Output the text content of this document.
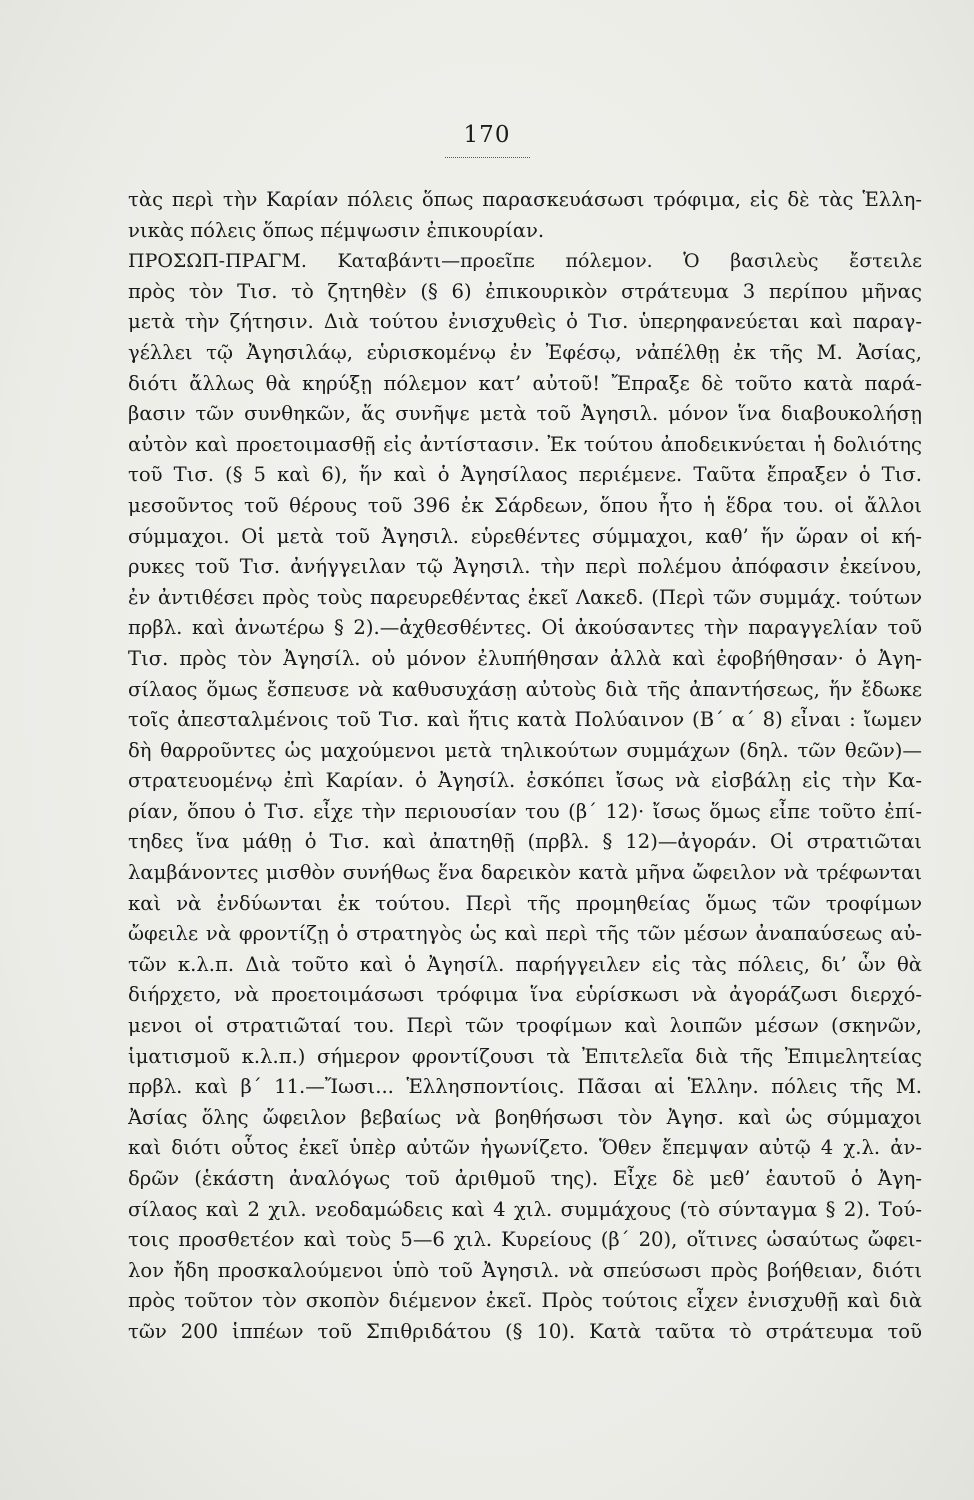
170
τὰς περὶ τὴν Καρίαν πόλεις ὅπως παρασκευάσωσι τρόφιμα, εἰς δὲ τὰς Ἑλλη-
νικὰς πόλεις ὅπως πέμψωσιν ἐπικουρίαν.
ΠΡΟΣΩΠ-ΠΡΑΓΜ. Καταβάντι—προεῖπε πόλεμον. Ὁ βασιλεὺς ἔστειλε
πρὸς τὸν Τισ. τὸ ζητηθὲν (§ 6) ἐπικουρικὸν στράτευμα 3 περίπου μῆνας
μετὰ τὴν ζήτησιν. Διὰ τούτου ἐνισχυθεὶς ὁ Τισ. ὑπερηφανεύεται καὶ παραγ-
γέλλει τῷ Ἀγησιλάῳ, εὑρισκομένῳ ἐν Ἐφέσῳ, νἀπέλθῃ ἐκ τῆς Μ. Ἀσίας,
διότι ἄλλως θὰ κηρύξῃ πόλεμον κατ’ αὐτοῦ! Ἔπραξε δὲ τοῦτο κατὰ παρά-
βασιν τῶν συνθηκῶν, ἅς συνῆψε μετὰ τοῦ Ἀγησιλ. μόνον ἵνα διαβουκολήσῃ
αὐτὸν καὶ προετοιμασθῇ εἰς ἀντίστασιν. Ἐκ τούτου ἀποδεικνύεται ἡ δολιότης
τοῦ Τισ. (§ 5 καὶ 6), ἥν καὶ ὁ Ἀγησίλαος περιέμενε. Ταῦτα ἔπραξεν ὁ Τισ.
μεσοῦντος τοῦ θέρους τοῦ 396 ἐκ Σάρδεων, ὅπου ἦτο ἡ ἕδρα του. οἱ ἄλλοι
σύμμαχοι. Οἱ μετὰ τοῦ Ἀγησιλ. εὑρεθέντες σύμμαχοι, καθ’ ἥν ὥραν οἱ κή-
ρυκες τοῦ Τισ. ἀνήγγειλαν τῷ Ἀγησιλ. τὴν περὶ πολέμου ἀπόφασιν ἐκείνου,
ἐν ἀντιθέσει πρὸς τοὺς παρευρεθέντας ἐκεῖ Λακεδ. (Περὶ τῶν συμμάχ. τούτων
πρβλ. καὶ ἀνωτέρω § 2).—ἀχθεσθέντες. Οἱ ἀκούσαντες τὴν παραγγελίαν τοῦ
Τισ. πρὸς τὸν Ἀγησίλ. οὐ μόνον ἐλυπήθησαν ἀλλὰ καὶ ἐφοβήθησαν· ὁ Ἀγη-
σίλαος ὅμως ἔσπευσε νὰ καθυσυχάσῃ αὐτοὺς διὰ τῆς ἀπαντήσεως, ἥν ἔδωκε
τοῖς ἀπεσταλμένοις τοῦ Τισ. καὶ ἥτις κατὰ Πολύαινον (Β΄ α΄ 8) εἶναι : ἴωμεν
δὴ θαρροῦντες ὡς μαχούμενοι μετὰ τηλικούτων συμμάχων (δηλ. τῶν θεῶν)—
στρατευομένῳ ἐπὶ Καρίαν. ὁ Ἀγησίλ. ἐσκόπει ἴσως νὰ εἰσβάλῃ εἰς τὴν Κα-
ρίαν, ὅπου ὁ Τισ. εἶχε τὴν περιουσίαν του (β΄ 12)· ἴσως ὅμως εἶπε τοῦτο ἐπί-
τηδες ἵνα μάθῃ ὁ Τισ. καὶ ἀπατηθῇ (πρβλ. § 12)—ἀγοράν. Οἱ στρατιῶται
λαμβάνοντες μισθὸν συνήθως ἕνα δαρεικὸν κατὰ μῆνα ὤφειλον νὰ τρέφωνται
καὶ νὰ ἐνδύωνται ἐκ τούτου. Περὶ τῆς προμηθείας ὅμως τῶν τροφίμων
ὤφειλε νὰ φροντίζῃ ὁ στρατηγὸς ὡς καὶ περὶ τῆς τῶν μέσων ἀναπαύσεως αὐ-
τῶν κ.λ.π. Διὰ τοῦτο καὶ ὁ Ἀγησίλ. παρήγγειλεν εἰς τὰς πόλεις, δι’ ὧν θὰ
διήρχετο, νὰ προετοιμάσωσι τρόφιμα ἵνα εὑρίσκωσι νὰ ἀγοράζωσι διερχό-
μενοι οἱ στρατιῶταί του. Περὶ τῶν τροφίμων καὶ λοιπῶν μέσων (σκηνῶν,
ἱματισμοῦ κ.λ.π.) σήμερον φροντίζουσι τὰ Ἐπιτελεῖα διὰ τῆς Ἐπιμελητείας
πρβλ. καὶ β΄ 11.—Ἴωσι... Ἑλλησποντίοις. Πᾶσαι αἱ Ἑλλην. πόλεις τῆς Μ.
Ἀσίας ὅλης ὤφειλον βεβαίως νὰ βοηθήσωσι τὸν Ἀγησ. καὶ ὡς σύμμαχοι
καὶ διότι οὗτος ἐκεῖ ὑπὲρ αὐτῶν ἠγωνίζετο. Ὅθεν ἔπεμψαν αὐτῷ 4 χ.λ. ἀν-
δρῶν (ἑκάστη ἀναλόγως τοῦ ἀριθμοῦ της). Εἶχε δὲ μεθ’ ἑαυτοῦ ὁ Ἀγη-
σίλαος καὶ 2 χιλ. νεοδαμώδεις καὶ 4 χιλ. συμμάχους (τὸ σύνταγμα § 2). Τού-
τοις προσθετέον καὶ τοὺς 5—6 χιλ. Κυρείους (β΄ 20), οἵτινες ὡσαύτως ὤφει-
λον ἤδη προσκαλούμενοι ὑπὸ τοῦ Ἀγησιλ. νὰ σπεύσωσι πρὸς βοήθειαν, διότι
πρὸς τοῦτον τὸν σκοπὸν διέμενον ἐκεῖ. Πρὸς τούτοις εἶχεν ἐνισχυθῇ καὶ διὰ
τῶν 200 ἱππέων τοῦ Σπιθριδάτου (§ 10). Κατὰ ταῦτα τὸ στράτευμα τοῦ
